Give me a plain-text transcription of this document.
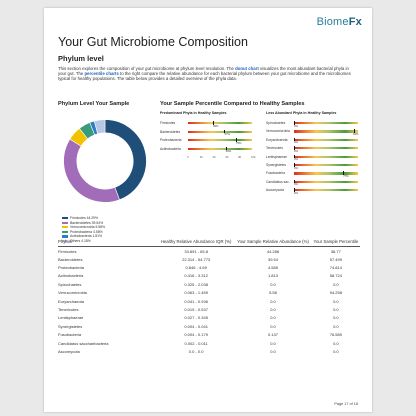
BiomeFx
Your Gut Microbiome Composition
Phylum level
This section explores the composition of your gut microbiome at phylum level resolution. The donut chart visualizes the most abundant bacterial phyla in your gut. The percentile charts to the right compare the relative abundance for each bacterial phylum between your gut microbiome and the microbiomes typical for healthy populations. The table below provides a detailed overview of the phyla data.
Phylum Level Your Sample	Your Sample Percentile Compared to Healthy Samples
Firmicutes 44.29%
Bacteroidetes 39.54%
Verrucomicrobia 5.58%
Proteobacteria 4.58%
Actinobacteria 1.81%
Others 4.18%
Predominant Phyla in Healthy Samples	Less Abundant Phyla in Healthy Samples
Firmicutes
39%
Bacteroidetes
57%
Proteobacteria
75%
Actinobacteria
59%
0	20	40	60	80	100
Spirochaetes
0%
Verrucomicrobia
94%
Euryarchaeota
0%
Tenericutes
0%
Lentisphaerae
0%
Synergistetes
0%
Fusobacteria
77%
Candidatus sac.
0%
Ascomycota
0%
Phylum	Healthy Relative Abundance IQR (%)	Your Sample Relative Abundance (%)	Your Sample Percentile
Firmicutes	33.891 - 65.8	44.288	38.77
Bacteroidetes	22.314 - 54.773	39.54	57.499
Proteobacteria	0.846 - 4.69	4.585	74.814
Actinobacteria	0.416 - 3.312	1.813	58.724
Spirochaetes	0.325 - 2.038	0.0	0.0
Verrucomicrobia	0.063 - 1.459	5.58	94.258
Euryarchaeota	0.041 - 0.936	0.0	0.0
Tenericutes	0.019 - 0.537	0.0	0.0
Lentisphaerae	0.027 - 0.345	0.0	0.0
Synergistetes	0.004 - 0.041	0.0	0.0
Fusobacteria	0.004 - 0.179	0.137	76.589
Candidatus saccharibacteria	0.002 - 0.011	0.0	0.0
Ascomycota	0.0 - 0.0	0.0	0.0
Page 17 of 18
